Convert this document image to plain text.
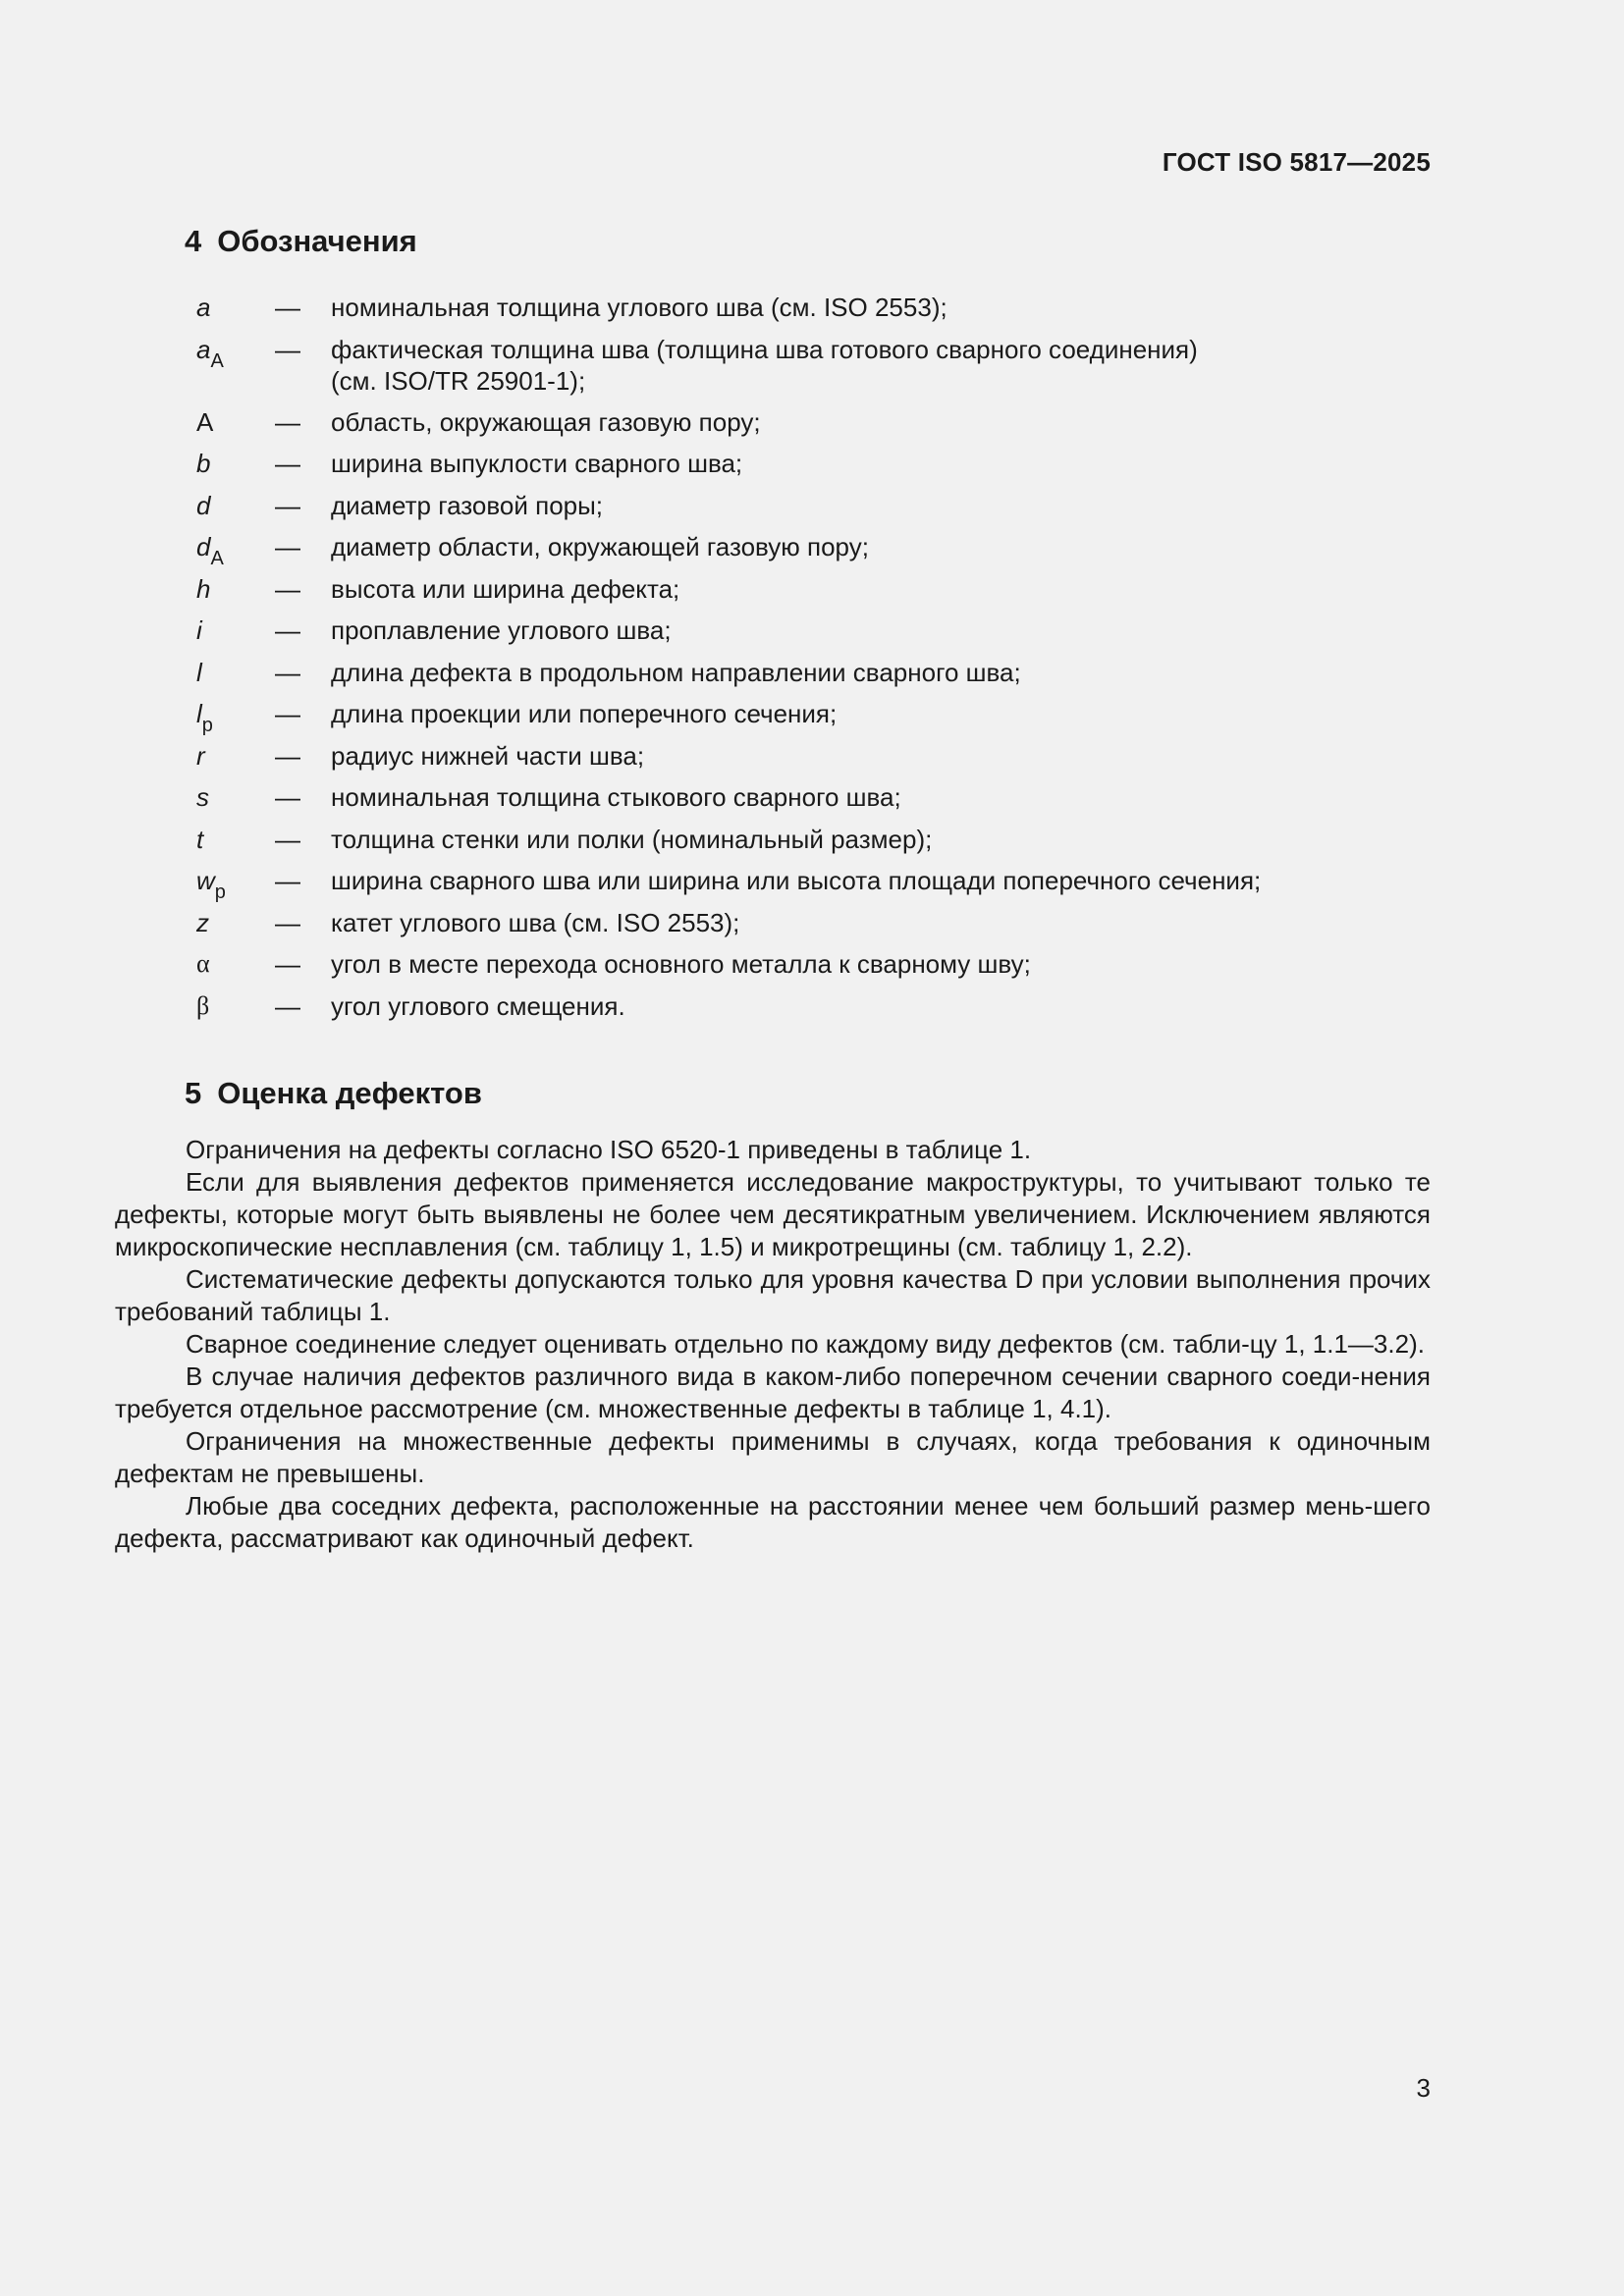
ГОСТ ISO 5817—2025
4 Обозначения
a	— номинальная толщина углового шва (см. ISO 2553);
$a_A$	— фактическая толщина шва (толщина шва готового сварного соединения)
(см. ISO/TR 25901-1);
A	— область, окружающая газовую пору;
b	— ширина выпуклости сварного шва;
d	— диаметр газовой поры;
$d_A$	— диаметр области, окружающей газовую пору;
h	— высота или ширина дефекта;
i	— проплавление углового шва;
l	— длина дефекта в продольном направлении сварного шва;
$l_p$	— длина проекции или поперечного сечения;
r	— радиус нижней части шва;
s	— номинальная толщина стыкового сварного шва;
t	— толщина стенки или полки (номинальный размер);
$w_p$	— ширина сварного шва или ширина или высота площади поперечного сечения;
z	— катет углового шва (см. ISO 2553);
α	— угол в месте перехода основного металла к сварному шву;
β	— угол углового смещения.
5 Оценка дефектов

Ограничения на дефекты согласно ISO 6520-1 приведены в таблице 1.

Если для выявления дефектов применяется исследование макроструктуры, то учитывают только те дефекты, которые могут быть выявлены не более чем десятикратным увеличением. Исключением являются микроскопические несплавления (см. таблицу 1, 1.5) и микротрещины (см. таблицу 1, 2.2).

Систематические дефекты допускаются только для уровня качества D при условии выполнения прочих требований таблицы 1.

Сварное соединение следует оценивать отдельно по каждому виду дефектов (см. табли-цу 1, 1.1—3.2).

В случае наличия дефектов различного вида в каком-либо поперечном сечении сварного соеди-нения требуется отдельное рассмотрение (см. множественные дефекты в таблице 1, 4.1).

Ограничения на множественные дефекты применимы в случаях, когда требования к одиночным дефектам не превышены.

Любые два соседних дефекта, расположенные на расстоянии менее чем больший размер мень-шего дефекта, рассматривают как одиночный дефект.

3
